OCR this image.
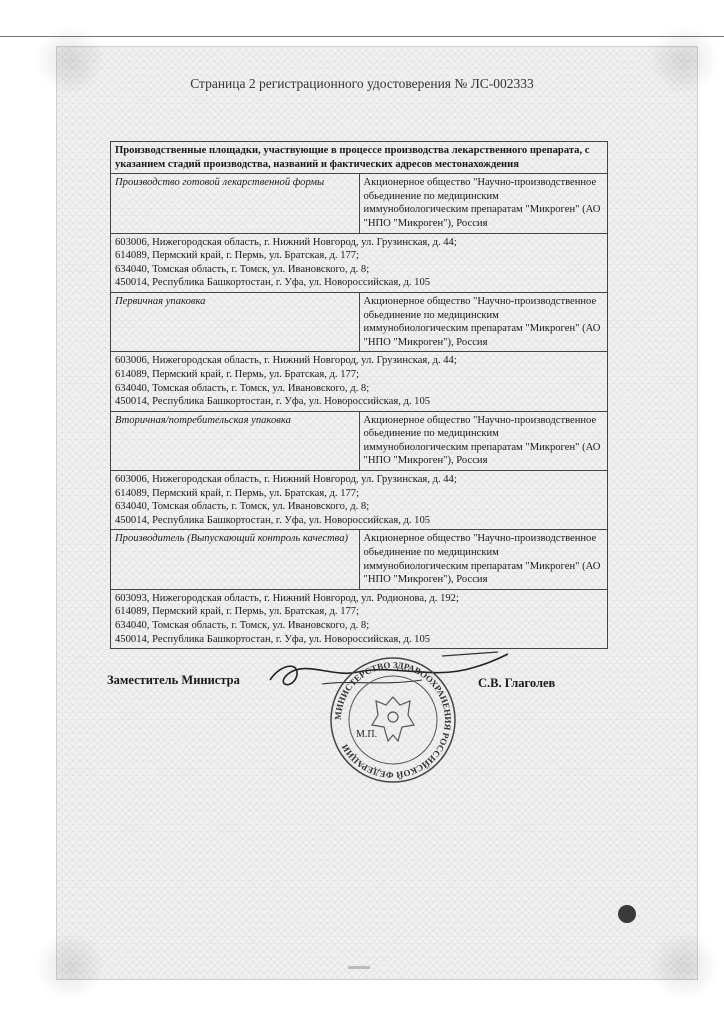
Страница 2 регистрационного удостоверения № ЛС-002333
Производственные площадки, участвующие в процессе производства лекарственного препарата, с указанием стадий производства, названий и фактических адресов местонахождения	
Производство готовой лекарственной формы	Акционерное общество "Научно-производственное обьединение по медицинским иммунобиологическим препаратам "Микроген" (АО "НПО "Микроген"), Россия

603006, Нижегородская область, г. Нижний Новгород, ул. Грузинская, д. 44;
614089, Пермский край, г. Пермь, ул. Братская, д. 177;
634040, Томская область, г. Томск, ул. Ивановского, д. 8;
450014, Республика Башкортостан, г. Уфа, ул. Новороссийская, д. 105	

Первичная упаковка	Акционерное общество "Научно-производственное обьединение по медицинским иммунобиологическим препаратам "Микроген" (АО "НПО "Микроген"), Россия

603006, Нижегородская область, г. Нижний Новгород, ул. Грузинская, д. 44;
614089, Пермский край, г. Пермь, ул. Братская, д. 177;
634040, Томская область, г. Томск, ул. Ивановского, д. 8;
450014, Республика Башкортостан, г. Уфа, ул. Новороссийская, д. 105	

Вторичная/потребительская упаковка	Акционерное общество "Научно-производственное обьединение по медицинским иммунобиологическим препаратам "Микроген" (АО "НПО "Микроген"), Россия

603006, Нижегородская область, г. Нижний Новгород, ул. Грузинская, д. 44;
614089, Пермский край, г. Пермь, ул. Братская, д. 177;
634040, Томская область, г. Томск, ул. Ивановского, д. 8;
450014, Республика Башкортостан, г. Уфа, ул. Новороссийская, д. 105	

Производитель (Выпускающий контроль качества)	Акционерное общество "Научно-производственное обьединение по медицинским иммунобиологическим препаратам "Микроген" (АО "НПО "Микроген"), Россия

603093, Нижегородская область, г. Нижний Новгород, ул. Родионова, д. 192;
614089, Пермский край, г. Пермь, ул. Братская, д. 177;
634040, Томская область, г. Томск, ул. Ивановского, д. 8;
450014, Республика Башкортостан, г. Уфа, ул. Новороссийская, д. 105	
Заместитель Министра
МИНИСТЕРСТВО ЗДРАВООХРАНЕНИЯ РОССИЙСКОЙ ФЕДЕРАЦИИ
М.П.
С.В. Глаголев
